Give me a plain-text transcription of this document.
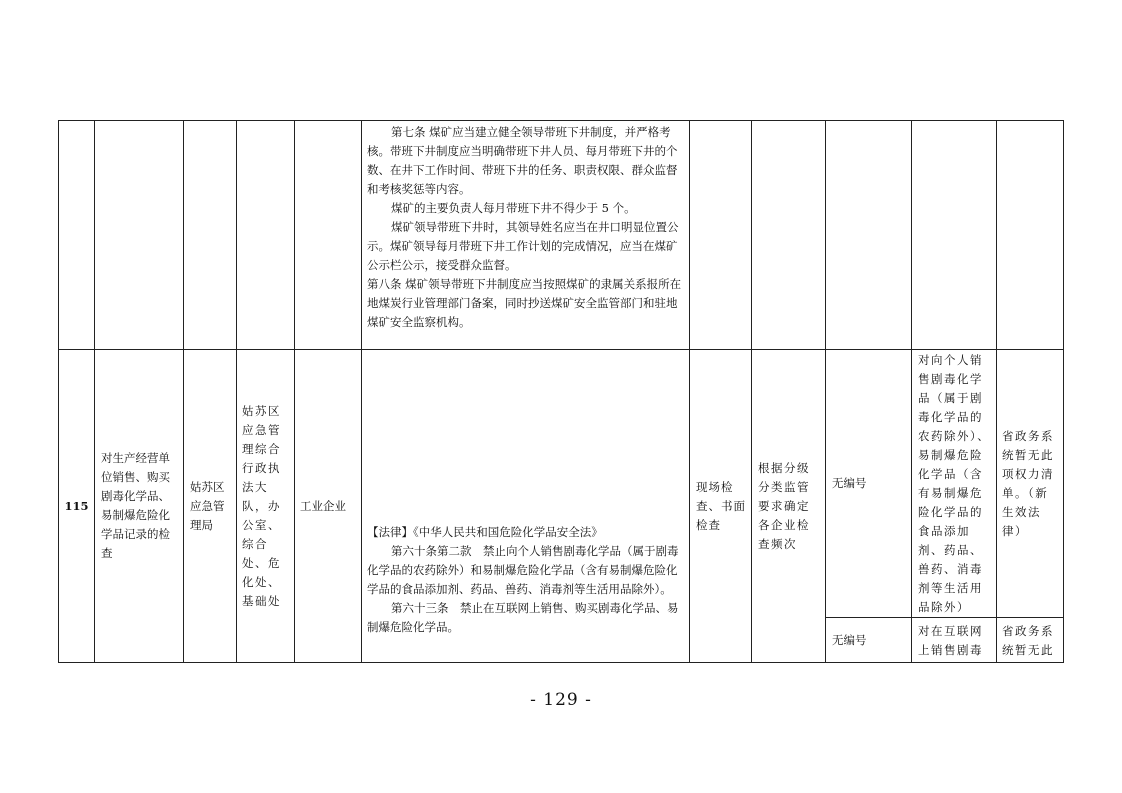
第七条 煤矿应当建立健全领导带班下井制度，并严格考核。带班下井制度应当明确带班下井人员、每月带班下井的个数、在井下工作时间、带班下井的任务、职责权限、群众监督和考核奖惩等内容。

煤矿的主要负责人每月带班下井不得少于 5 个。

煤矿领导带班下井时，其领导姓名应当在井口明显位置公示。煤矿领导每月带班下井工作计划的完成情况，应当在煤矿公示栏公示，接受群众监督。

第八条 煤矿领导带班下井制度应当按照煤矿的隶属关系报所在地煤炭行业管理部门备案，同时抄送煤矿安全监管部门和驻地煤矿安全监察机构。

115
对生产经营单位销售、购买剧毒化学品、易制爆危险化学品记录的检查
姑苏区应急管理局
姑苏区应急管理综合行政执法大队，办公室、综合处、危化处、基础处
工业企业

【法律】《中华人民共和国危险化学品安全法》

第六十条第二款　禁止向个人销售剧毒化学品（属于剧毒化学品的农药除外）和易制爆危险化学品（含有易制爆危险化学品的食品添加剂、药品、兽药、消毒剂等生活用品除外）。

第六十三条　禁止在互联网上销售、购买剧毒化学品、易制爆危险化学品。

现场检查、书面检查
根据分级分类监管要求确定各企业检查频次
无编号
对向个人销售剧毒化学品（属于剧毒化学品的农药除外）、易制爆危险化学品（含有易制爆危险化学品的食品添加剂、药品、兽药、消毒剂等生活用品除外）
省政务系统暂无此项权力清单。（新生效法律）
无编号
对在互联网上销售剧毒
省政务系统暂无此
- 129 -
